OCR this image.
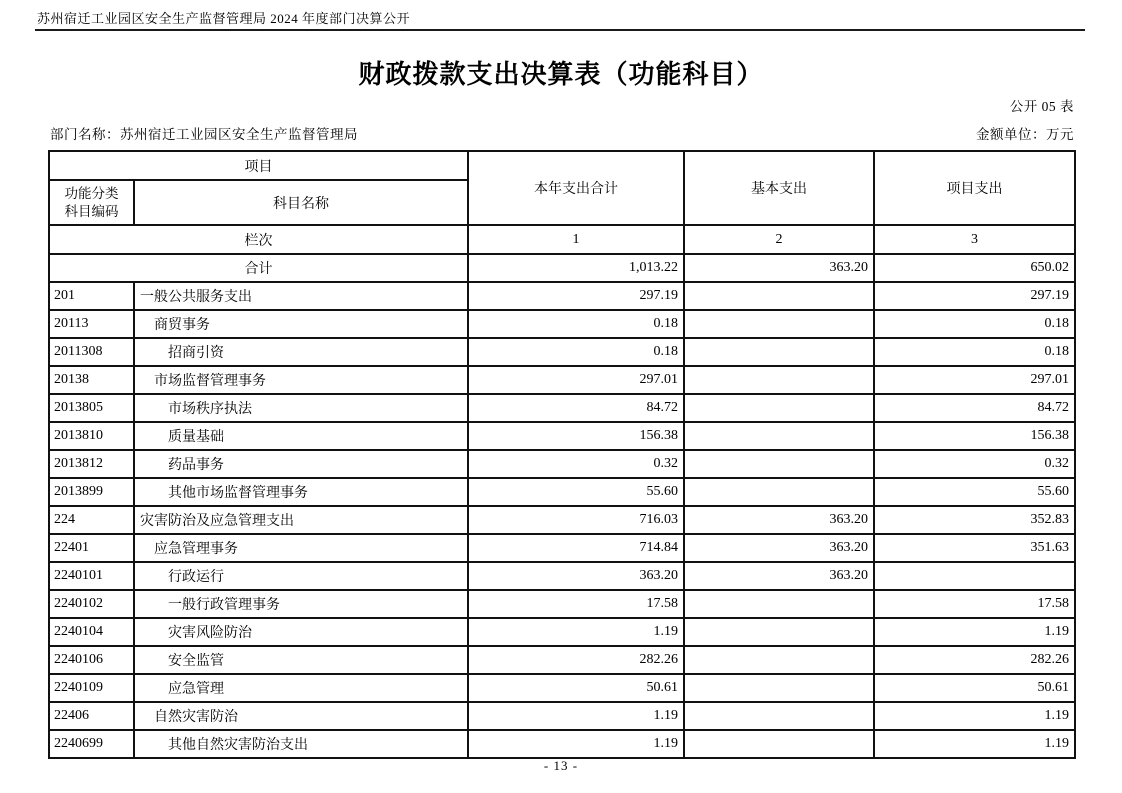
苏州宿迁工业园区安全生产监督管理局 2024 年度部门决算公开
财政拨款支出决算表（功能科目）
公开 05 表
部门名称：苏州宿迁工业园区安全生产监督管理局	金额单位：万元
项目		本年支出合计	基本支出	项目支出
功能分类
科目编码	科目名称			
栏次		1	2	3
合计		1,013.22	363.20	650.02
201	一般公共服务支出	297.19		297.19
20113	商贸事务	0.18		0.18
2011308	招商引资	0.18		0.18
20138	市场监督管理事务	297.01		297.01
2013805	市场秩序执法	84.72		84.72
2013810	质量基础	156.38		156.38
2013812	药品事务	0.32		0.32
2013899	其他市场监督管理事务	55.60		55.60
224	灾害防治及应急管理支出	716.03	363.20	352.83
22401	应急管理事务	714.84	363.20	351.63
2240101	行政运行	363.20	363.20	
2240102	一般行政管理事务	17.58		17.58
2240104	灾害风险防治	1.19		1.19
2240106	安全监管	282.26		282.26
2240109	应急管理	50.61		50.61
22406	自然灾害防治	1.19		1.19
2240699	其他自然灾害防治支出	1.19		1.19
- 13 -
